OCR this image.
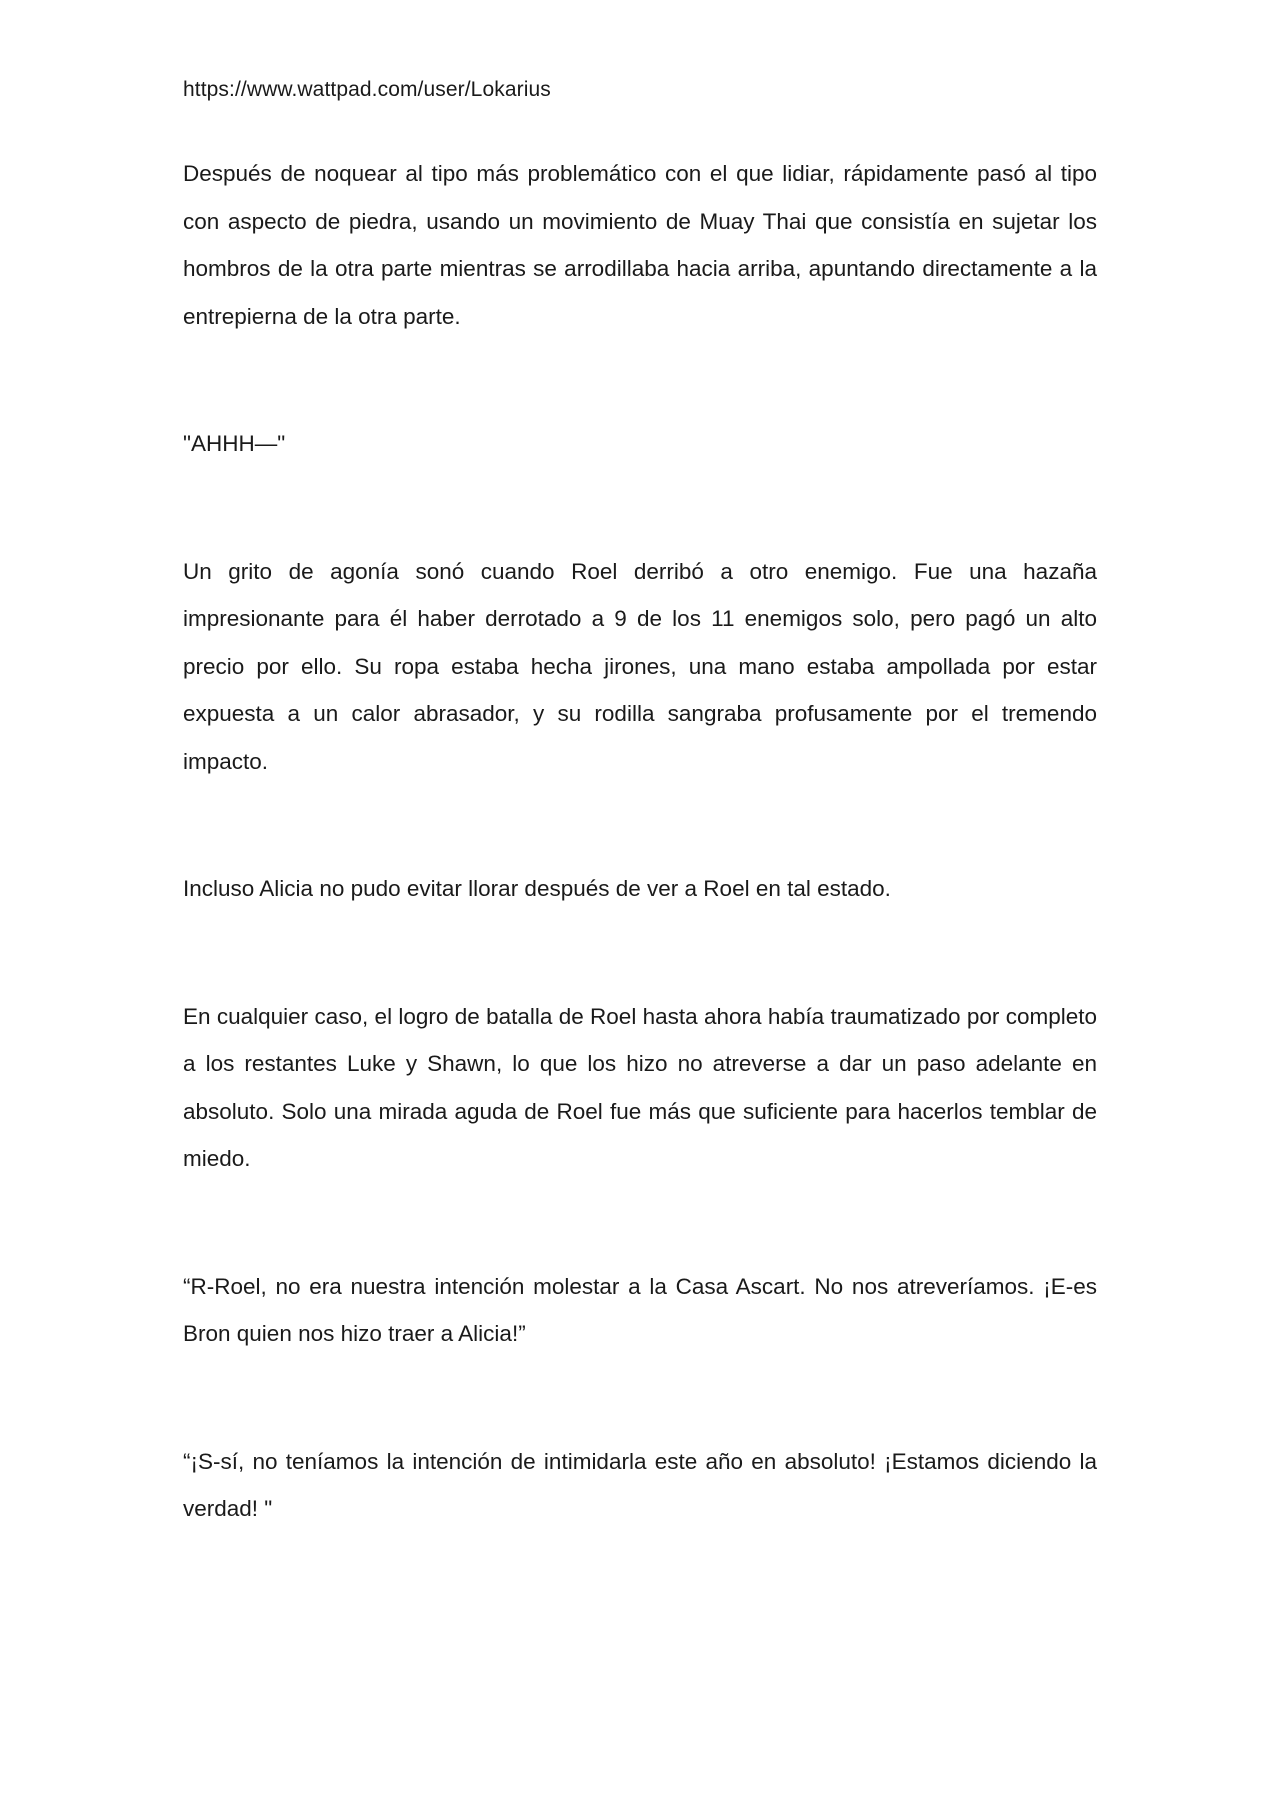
https://www.wattpad.com/user/Lokarius

Después de noquear al tipo más problemático con el que lidiar, rápidamente pasó al tipo con aspecto de piedra, usando un movimiento de Muay Thai que consistía en sujetar los hombros de la otra parte mientras se arrodillaba hacia arriba, apuntando directamente a la entrepierna de la otra parte.

"AHHH—"

Un grito de agonía sonó cuando Roel derribó a otro enemigo. Fue una hazaña impresionante para él haber derrotado a 9 de los 11 enemigos solo, pero pagó un alto precio por ello. Su ropa estaba hecha jirones, una mano estaba ampollada por estar expuesta a un calor abrasador, y su rodilla sangraba profusamente por el tremendo impacto.

Incluso Alicia no pudo evitar llorar después de ver a Roel en tal estado.

En cualquier caso, el logro de batalla de Roel hasta ahora había traumatizado por completo a los restantes Luke y Shawn, lo que los hizo no atreverse a dar un paso adelante en absoluto. Solo una mirada aguda de Roel fue más que suficiente para hacerlos temblar de miedo.

“R-Roel, no era nuestra intención molestar a la Casa Ascart. No nos atreveríamos. ¡E-es Bron quien nos hizo traer a Alicia!”

“¡S-sí, no teníamos la intención de intimidarla este año en absoluto! ¡Estamos diciendo la verdad! "
